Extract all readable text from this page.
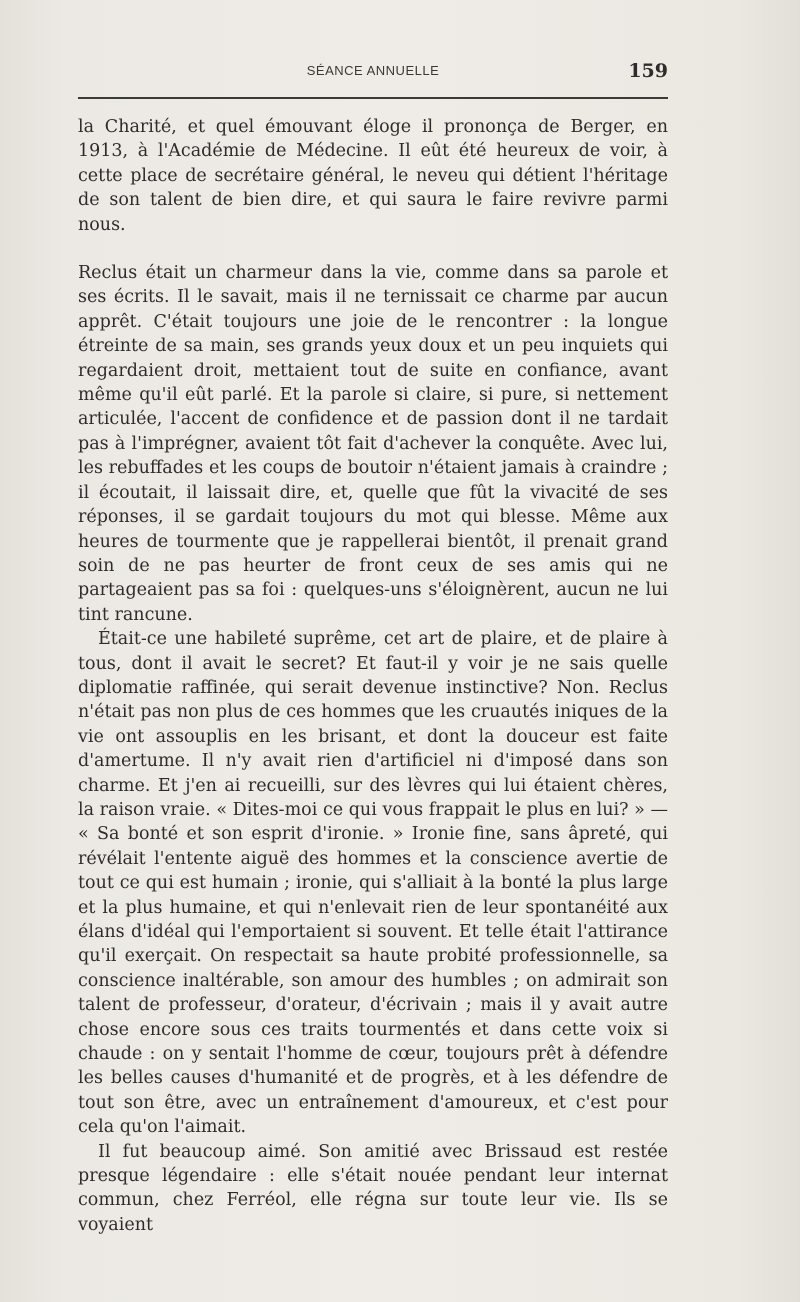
SÉANCE ANNUELLE	159

la Charité, et quel émouvant éloge il prononça de Berger, en 1913, à l'Académie de Médecine. Il eût été heureux de voir, à cette place de secrétaire général, le neveu qui détient l'héritage de son talent de bien dire, et qui saura le faire revivre parmi nous.

Reclus était un charmeur dans la vie, comme dans sa parole et ses écrits. Il le savait, mais il ne ternissait ce charme par aucun apprêt. C'était toujours une joie de le rencontrer : la longue étreinte de sa main, ses grands yeux doux et un peu inquiets qui regardaient droit, mettaient tout de suite en confiance, avant même qu'il eût parlé. Et la parole si claire, si pure, si nettement articulée, l'accent de confidence et de passion dont il ne tardait pas à l'imprégner, avaient tôt fait d'achever la conquête. Avec lui, les rebuffades et les coups de boutoir n'étaient jamais à craindre ; il écoutait, il laissait dire, et, quelle que fût la vivacité de ses réponses, il se gardait toujours du mot qui blesse. Même aux heures de tourmente que je rappellerai bientôt, il prenait grand soin de ne pas heurter de front ceux de ses amis qui ne partageaient pas sa foi : quelques-uns s'éloignèrent, aucun ne lui tint rancune.

Était-ce une habileté suprême, cet art de plaire, et de plaire à tous, dont il avait le secret? Et faut-il y voir je ne sais quelle diplomatie raffinée, qui serait devenue instinctive? Non. Reclus n'était pas non plus de ces hommes que les cruautés iniques de la vie ont assouplis en les brisant, et dont la douceur est faite d'amertume. Il n'y avait rien d'artificiel ni d'imposé dans son charme. Et j'en ai recueilli, sur des lèvres qui lui étaient chères, la raison vraie. « Dites-moi ce qui vous frappait le plus en lui? » — « Sa bonté et son esprit d'ironie. » Ironie fine, sans âpreté, qui révélait l'entente aiguë des hommes et la conscience avertie de tout ce qui est humain ; ironie, qui s'alliait à la bonté la plus large et la plus humaine, et qui n'enlevait rien de leur spontanéité aux élans d'idéal qui l'emportaient si souvent. Et telle était l'attirance qu'il exerçait. On respectait sa haute probité professionnelle, sa conscience inaltérable, son amour des humbles ; on admirait son talent de professeur, d'orateur, d'écrivain ; mais il y avait autre chose encore sous ces traits tourmentés et dans cette voix si chaude : on y sentait l'homme de cœur, toujours prêt à défendre les belles causes d'humanité et de progrès, et à les défendre de tout son être, avec un entraînement d'amoureux, et c'est pour cela qu'on l'aimait.

Il fut beaucoup aimé. Son amitié avec Brissaud est restée presque légendaire : elle s'était nouée pendant leur internat commun, chez Ferréol, elle régna sur toute leur vie. Ils se voyaient
